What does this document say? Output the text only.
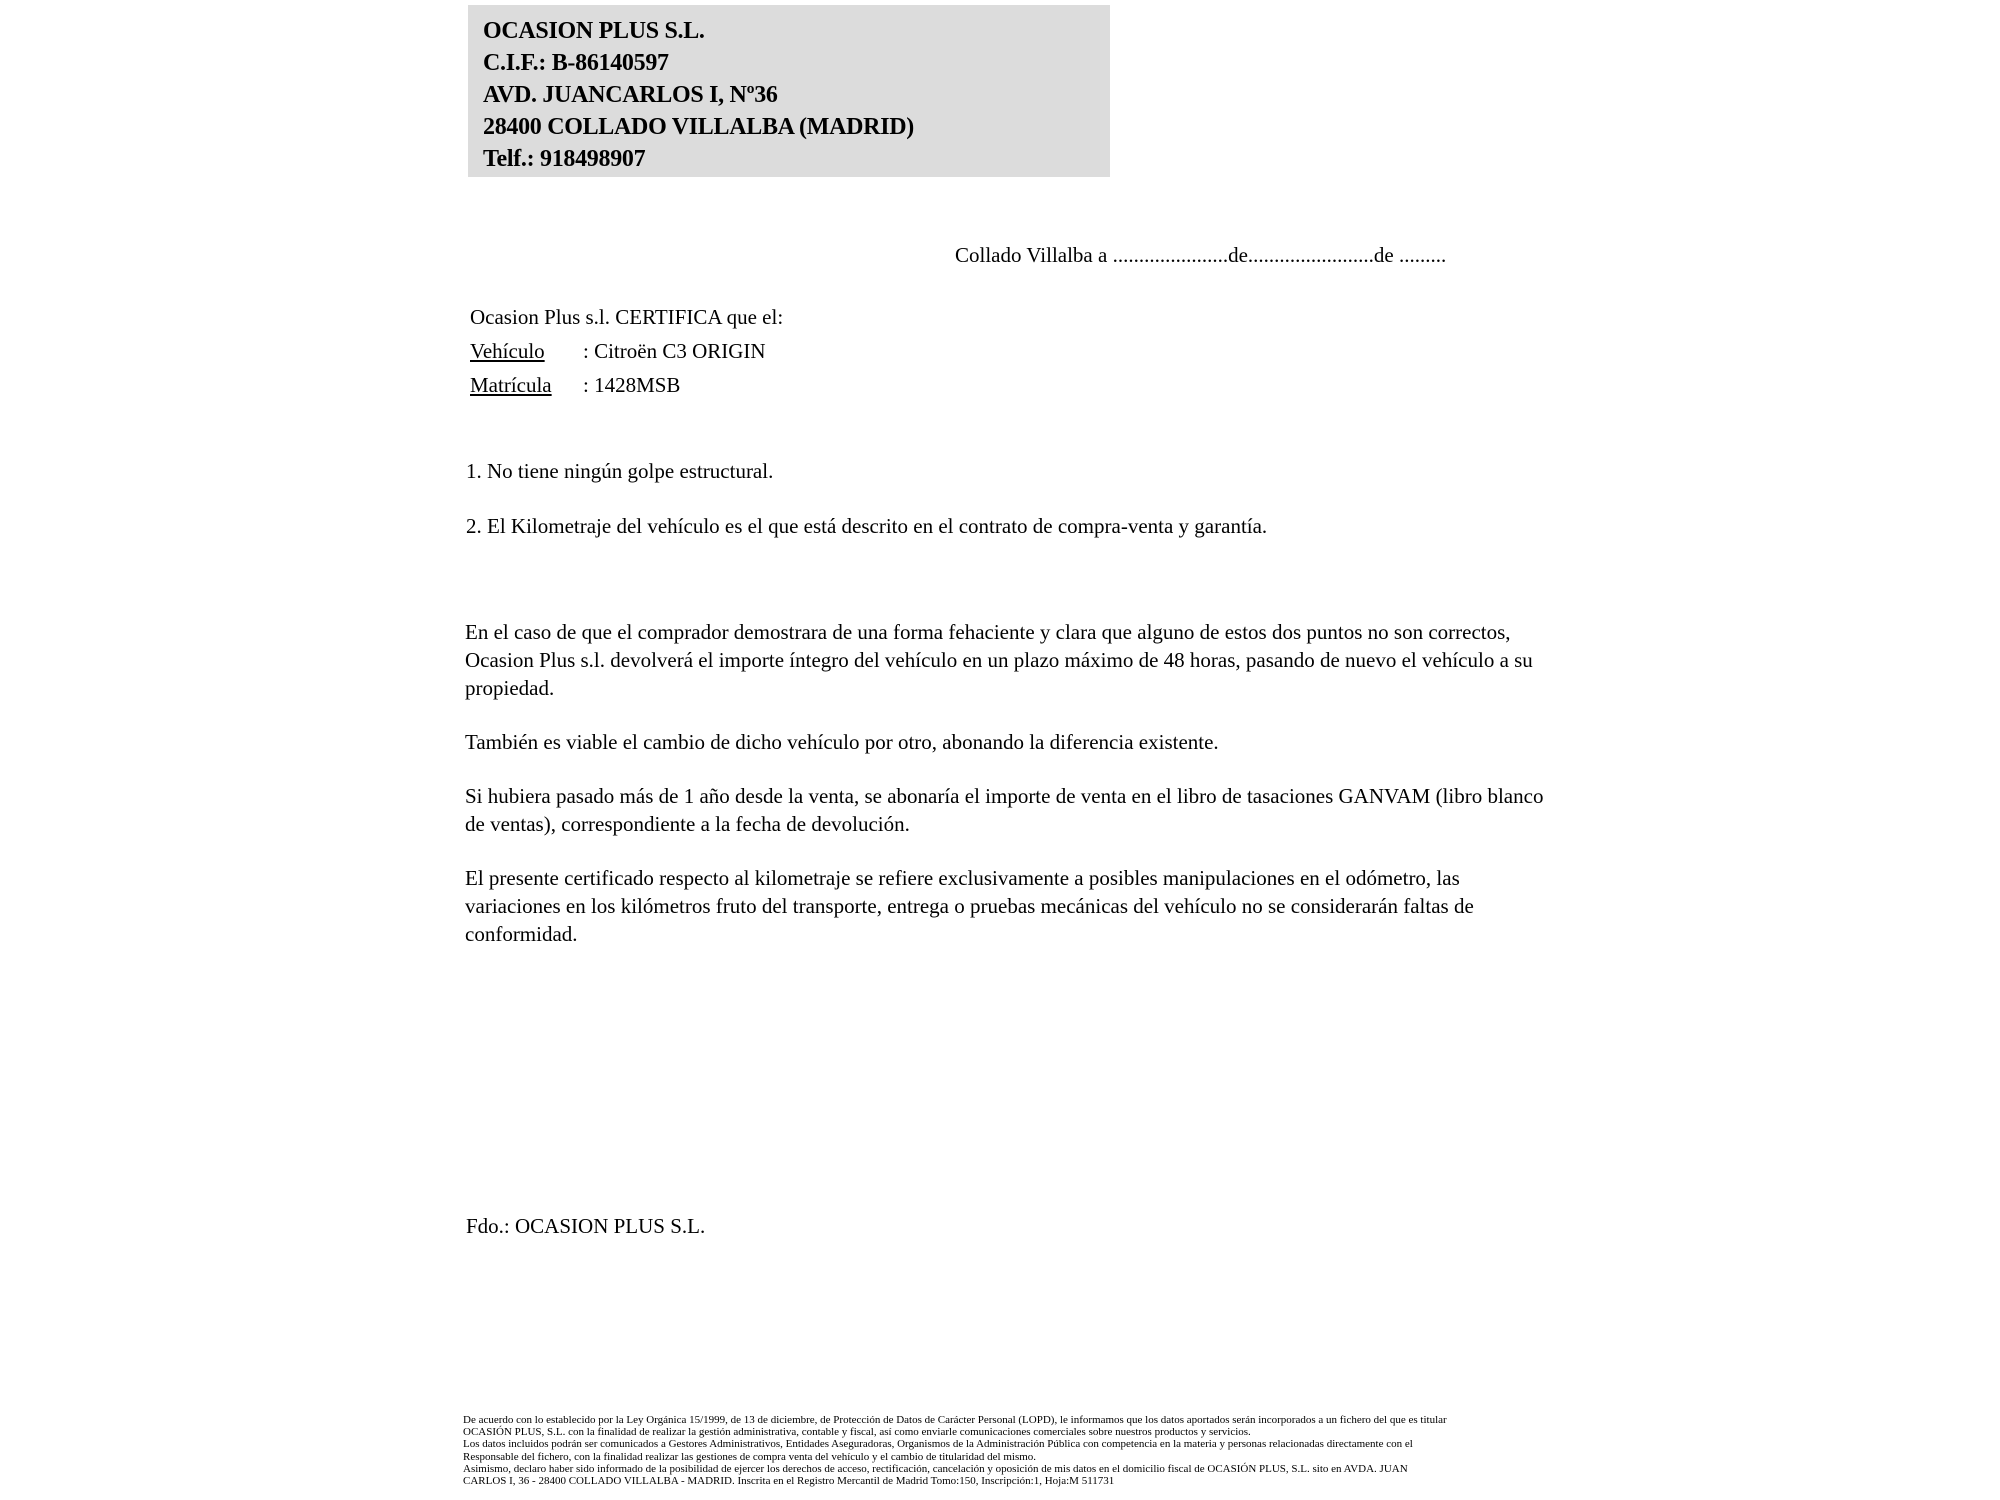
OCASION PLUS S.L.
C.I.F.: B-86140597
AVD. JUANCARLOS I, Nº36
28400 COLLADO VILLALBA (MADRID)
Telf.: 918498907
Collado Villalba a ......................de........................de .........
Ocasion Plus s.l. CERTIFICA que el:
Vehículo : Citroën C3 ORIGIN
Matrícula : 1428MSB
1. No tiene ningún golpe estructural.
2. El Kilometraje del vehículo es el que está descrito en el contrato de compra-venta y garantía.

En el caso de que el comprador demostrara de una forma fehaciente y clara que alguno de estos dos puntos no son correctos, Ocasion Plus s.l. devolverá el importe íntegro del vehículo en un plazo máximo de 48 horas, pasando de nuevo el vehículo a su propiedad.

También es viable el cambio de dicho vehículo por otro, abonando la diferencia existente.

Si hubiera pasado más de 1 año desde la venta, se abonaría el importe de venta en el libro de tasaciones GANVAM (libro blanco de ventas), correspondiente a la fecha de devolución.

El presente certificado respecto al kilometraje se refiere exclusivamente a posibles manipulaciones en el odómetro, las variaciones en los kilómetros fruto del transporte, entrega o pruebas mecánicas del vehículo no se considerarán faltas de conformidad.

Fdo.: OCASION PLUS S.L.
De acuerdo con lo establecido por la Ley Orgánica 15/1999, de 13 de diciembre, de Protección de Datos de Carácter Personal (LOPD), le informamos que los datos aportados serán incorporados a un fichero del que es titular
OCASIÓN PLUS, S.L. con la finalidad de realizar la gestión administrativa, contable y fiscal, así como enviarle comunicaciones comerciales sobre nuestros productos y servicios.
Los datos incluidos podrán ser comunicados a Gestores Administrativos, Entidades Aseguradoras, Organismos de la Administración Pública con competencia en la materia y personas relacionadas directamente con el
Responsable del fichero, con la finalidad realizar las gestiones de compra venta del vehículo y el cambio de titularidad del mismo.
Asimismo, declaro haber sido informado de la posibilidad de ejercer los derechos de acceso, rectificación, cancelación y oposición de mis datos en el domicilio fiscal de OCASIÓN PLUS, S.L. sito en AVDA. JUAN
CARLOS I, 36 - 28400 COLLADO VILLALBA - MADRID. Inscrita en el Registro Mercantil de Madrid Tomo:150, Inscripción:1, Hoja:M 511731
